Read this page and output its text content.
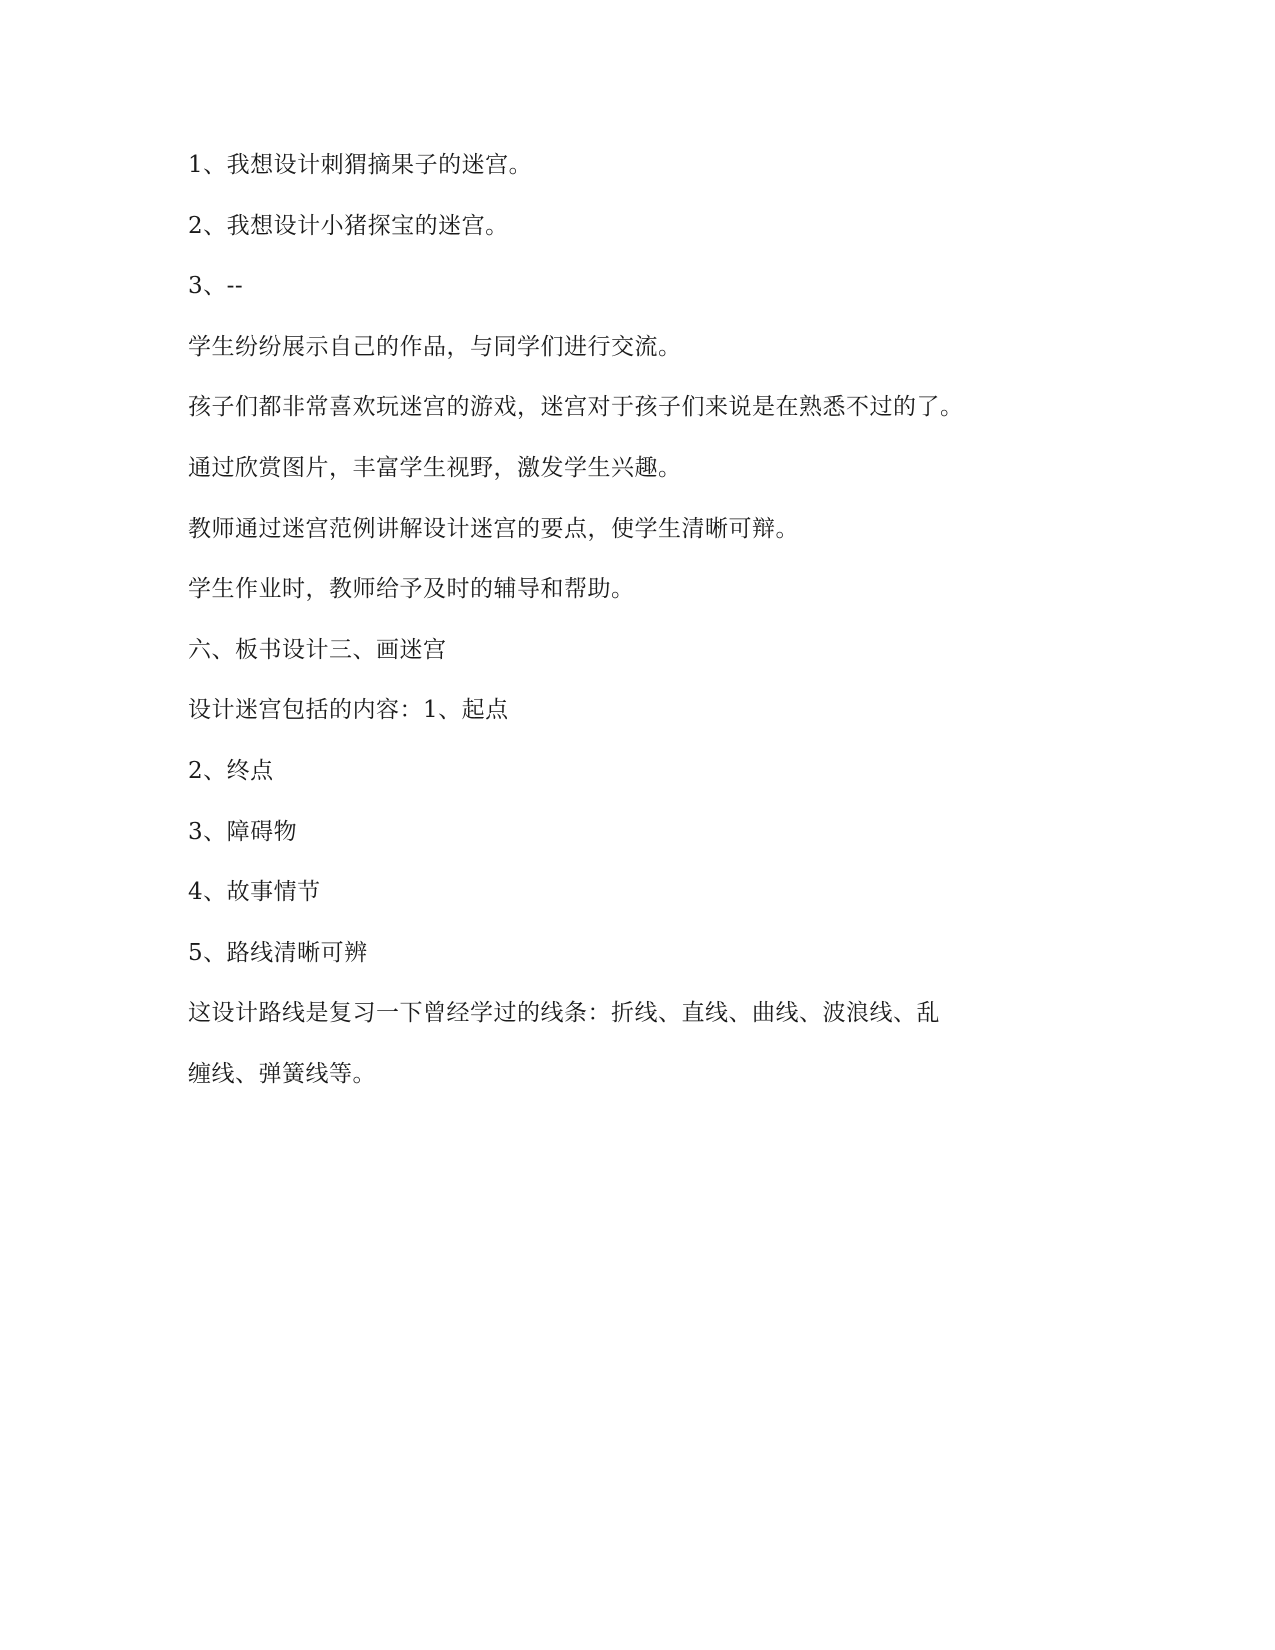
1、我想设计刺猬摘果子的迷宫。

2、我想设计小猪探宝的迷宫。

3、--

学生纷纷展示自己的作品，与同学们进行交流。

孩子们都非常喜欢玩迷宫的游戏，迷宫对于孩子们来说是在熟悉不过的了。

通过欣赏图片，丰富学生视野，激发学生兴趣。

教师通过迷宫范例讲解设计迷宫的要点，使学生清晰可辩。

学生作业时，教师给予及时的辅导和帮助。

六、板书设计三、画迷宫

设计迷宫包括的内容：1、起点

2、终点

3、障碍物

4、故事情节

5、路线清晰可辨

这设计路线是复习一下曾经学过的线条：折线、直线、曲线、波浪线、乱

缠线、弹簧线等。
